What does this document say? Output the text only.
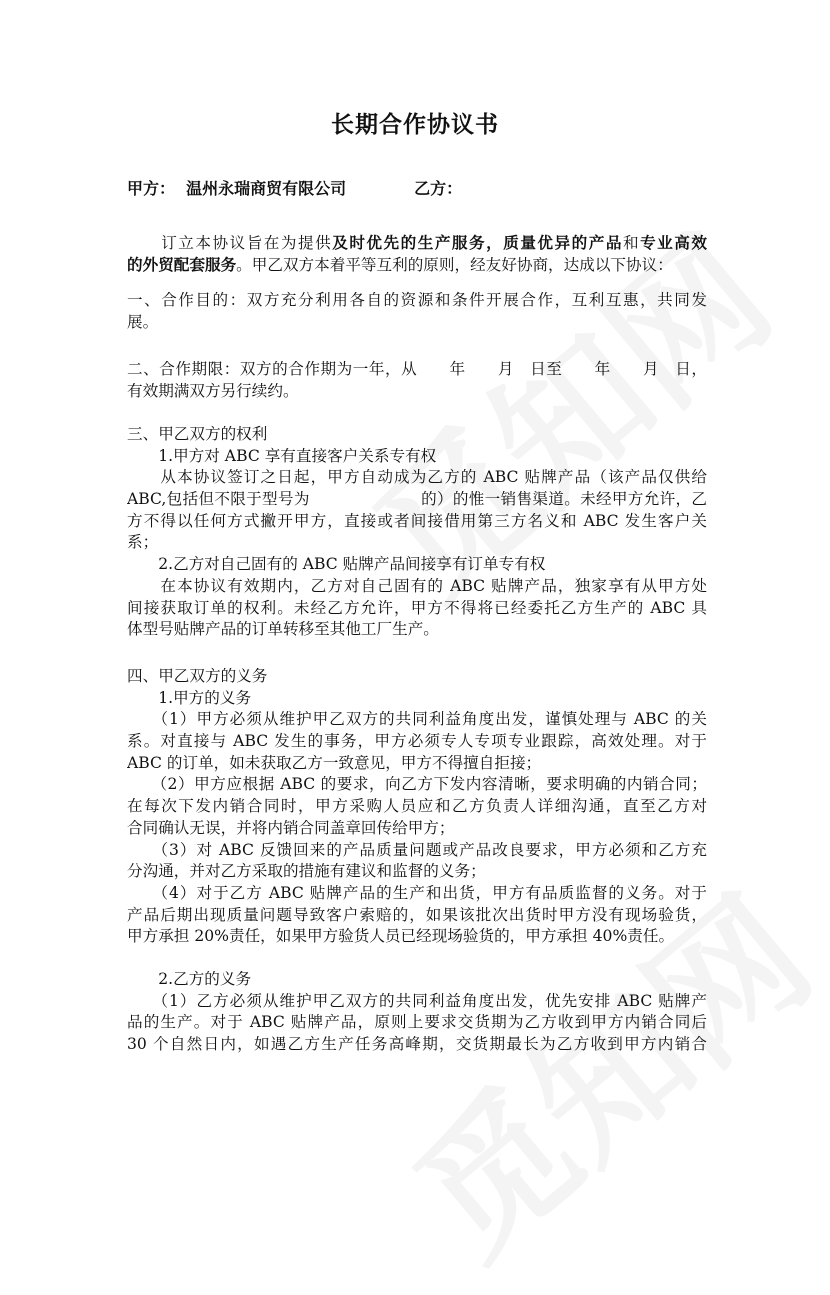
长期合作协议书
甲方： 温州永瑞商贸有限公司	乙方：
　　订立本协议旨在为提供及时优先的生产服务，质量优异的产品和专业高效
的外贸配套服务。甲乙双方本着平等互利的原则，经友好协商，达成以下协议：
一、合作目的：双方充分利用各自的资源和条件开展合作，互利互惠，共同发
展。
二、合作期限：双方的合作期为一年，从　　年　　月　日至　　年　　月　日，
有效期满双方另行续约。
三、甲乙双方的权利
　　1.甲方对 ABC 享有直接客户关系专有权
　　从本协议签订之日起，甲方自动成为乙方的 ABC 贴牌产品（该产品仅供给
ABC,包括但不限于型号为　　　　　　　的）的惟一销售渠道。未经甲方允许，乙
方不得以任何方式撇开甲方，直接或者间接借用第三方名义和 ABC 发生客户关
系；
　　2.乙方对自己固有的 ABC 贴牌产品间接享有订单专有权
　　在本协议有效期内，乙方对自己固有的 ABC 贴牌产品，独家享有从甲方处
间接获取订单的权利。未经乙方允许，甲方不得将已经委托乙方生产的 ABC 具
体型号贴牌产品的订单转移至其他工厂生产。
四、甲乙双方的义务
　　1.甲方的义务
　　（1）甲方必须从维护甲乙双方的共同利益角度出发，谨慎处理与 ABC 的关
系。对直接与 ABC 发生的事务，甲方必须专人专项专业跟踪，高效处理。对于
ABC 的订单，如未获取乙方一致意见，甲方不得擅自拒接；
　　（2）甲方应根据 ABC 的要求，向乙方下发内容清晰，要求明确的内销合同；
在每次下发内销合同时，甲方采购人员应和乙方负责人详细沟通，直至乙方对
合同确认无误，并将内销合同盖章回传给甲方；
　　（3）对 ABC 反馈回来的产品质量问题或产品改良要求，甲方必须和乙方充
分沟通，并对乙方采取的措施有建议和监督的义务；
　　（4）对于乙方 ABC 贴牌产品的生产和出货，甲方有品质监督的义务。对于
产品后期出现质量问题导致客户索赔的，如果该批次出货时甲方没有现场验货，
甲方承担 20%责任，如果甲方验货人员已经现场验货的，甲方承担 40%责任。
　　2.乙方的义务
　　（1）乙方必须从维护甲乙双方的共同利益角度出发，优先安排 ABC 贴牌产
品的生产。对于 ABC 贴牌产品，原则上要求交货期为乙方收到甲方内销合同后
30 个自然日内，如遇乙方生产任务高峰期，交货期最长为乙方收到甲方内销合
